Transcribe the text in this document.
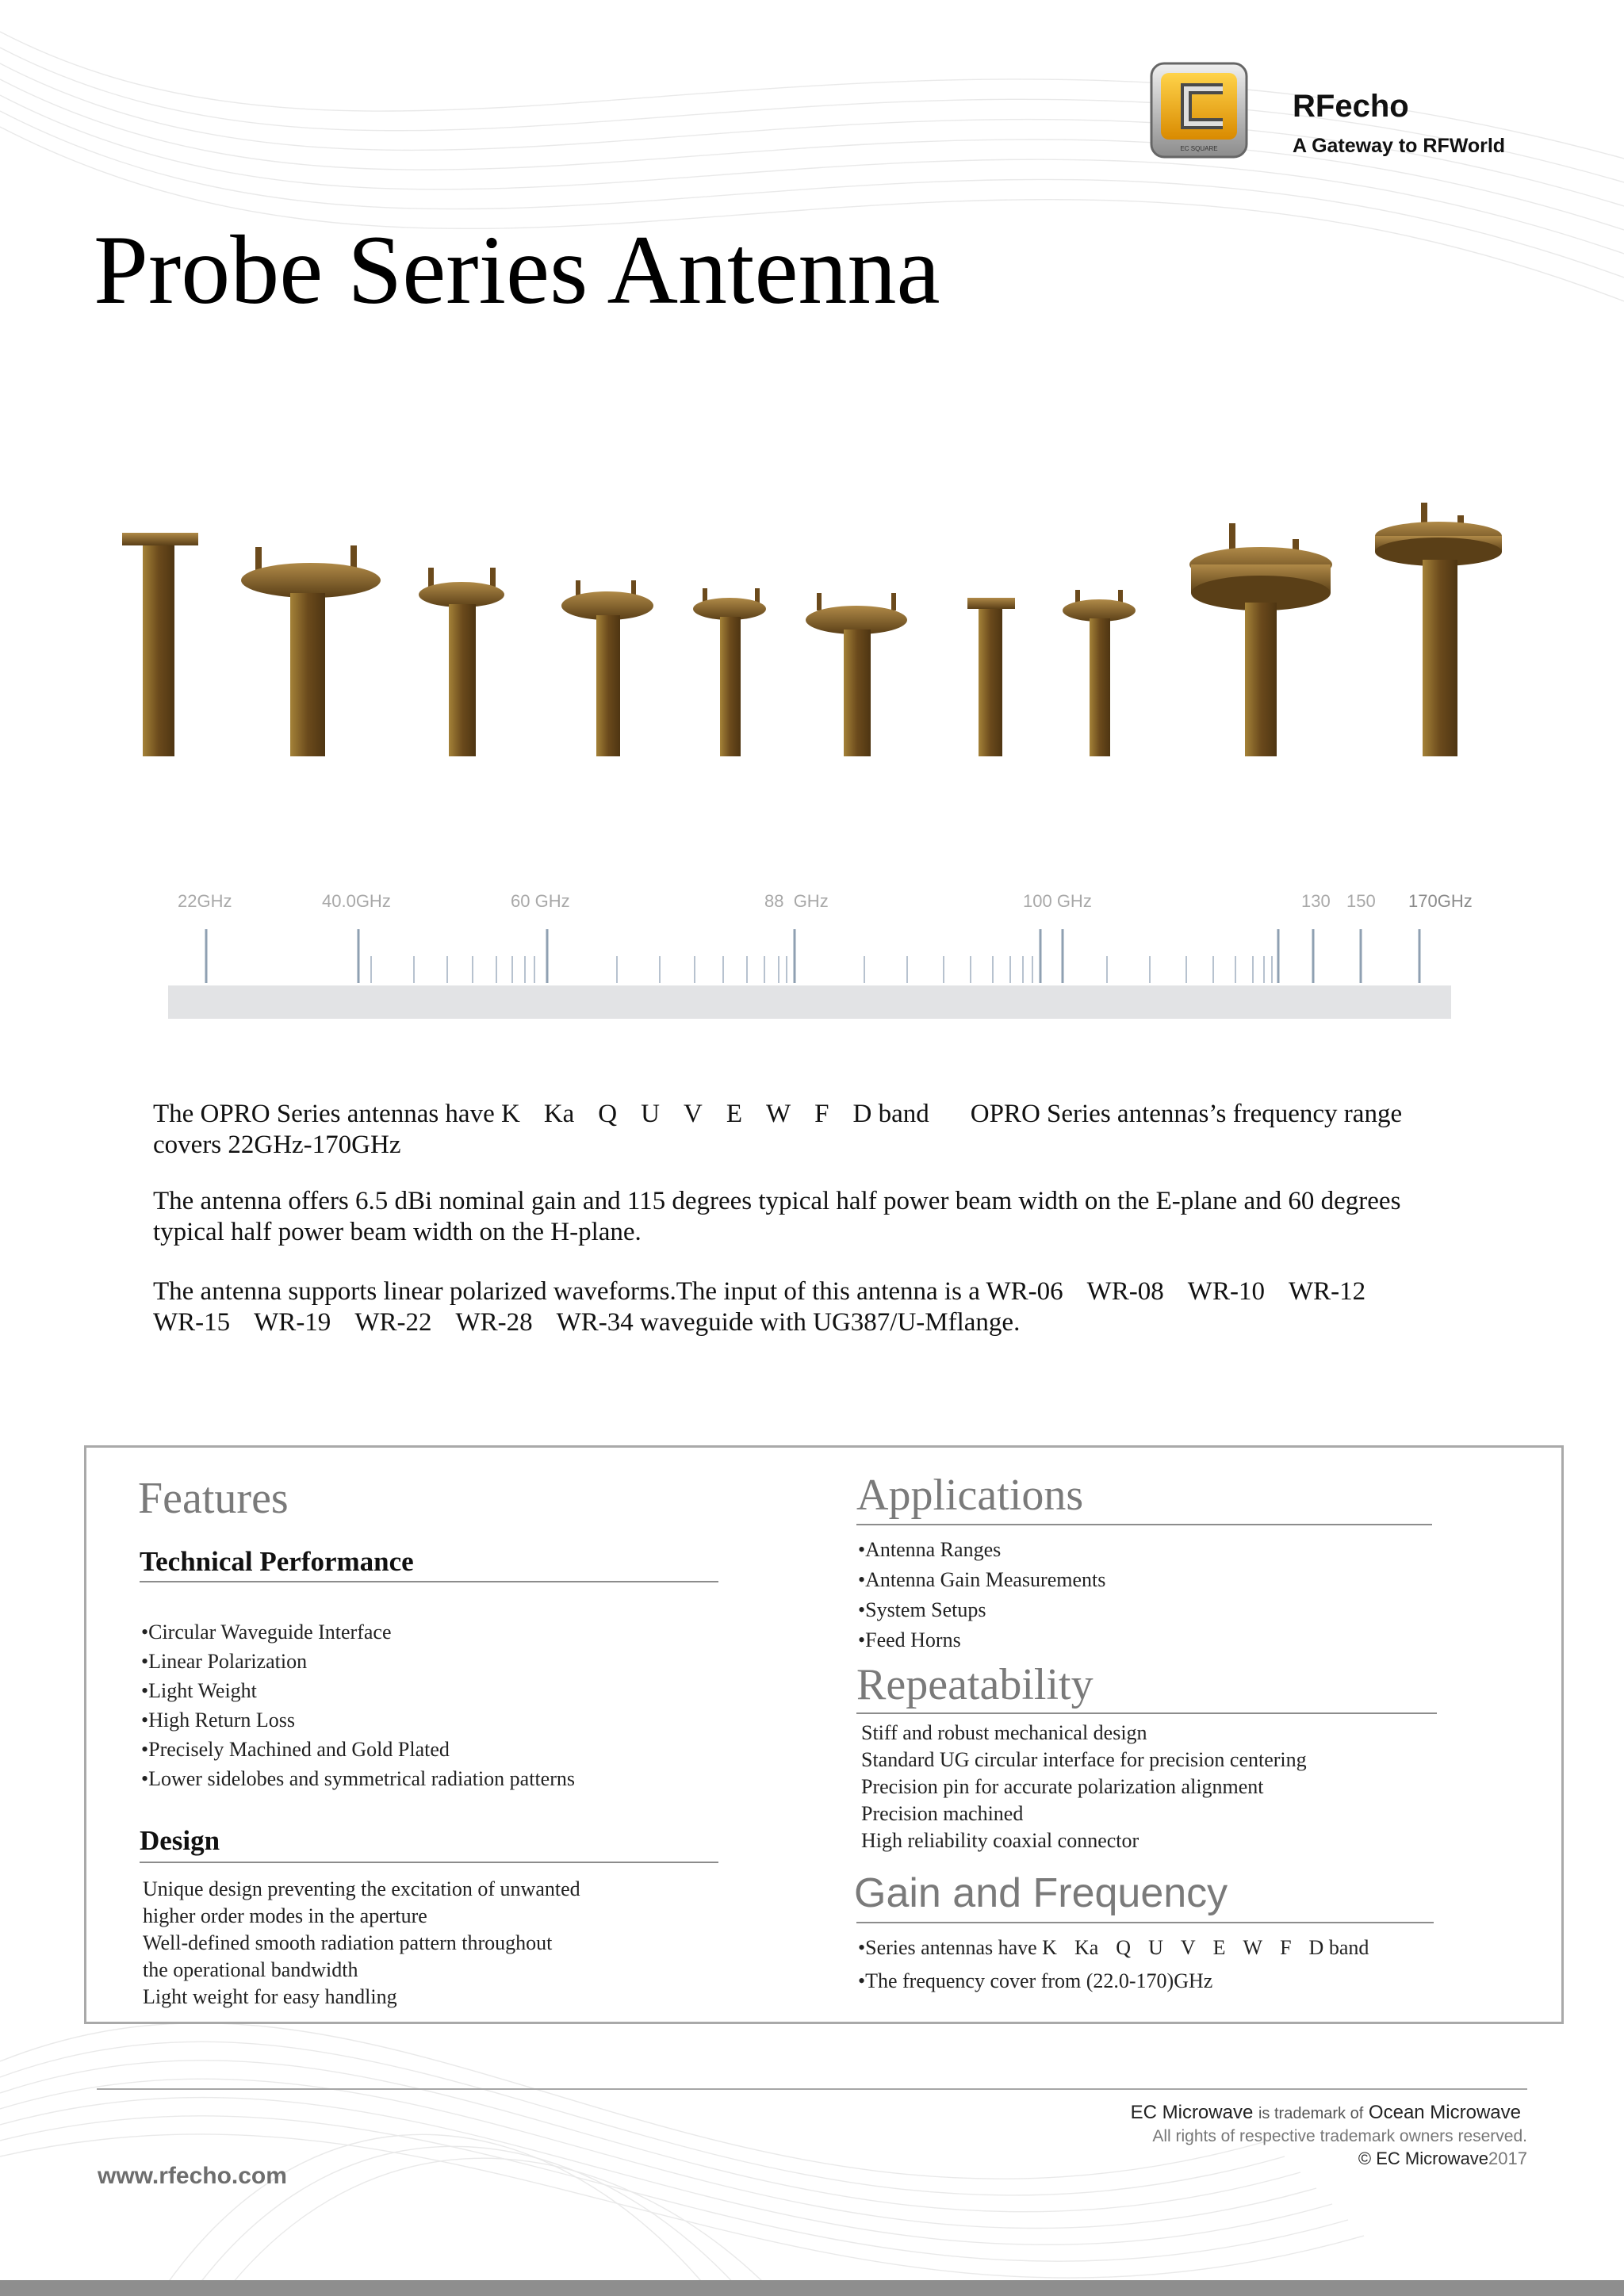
EC SQUARE
RFecho
A Gateway to RFWorld
Probe Series Antenna
22GHz	40.0GHz	60 GHz	88  GHz	100 GHz	130 150 170GHz
The OPRO Series antennas have K Ka Q U V E W F D band OPRO Series antennas’s frequency range
covers 22GHz-170GHz
The antenna offers 6.5 dBi nominal gain and 115 degrees typical half power beam width on the E-plane and 60 degrees
typical half power beam width on the H-plane.
The antenna supports linear polarized waveforms.The input of this antenna is a WR-06 WR-08 WR-10 WR-12
WR-15 WR-19 WR-22 WR-28 WR-34 waveguide with UG387/U-Mflange.
Features
Technical Performance
•Circular Waveguide Interface
•Linear Polarization
•Light Weight
•High Return Loss
•Precisely Machined and Gold Plated
•Lower sidelobes and symmetrical radiation patterns
Design
Unique design preventing the excitation of unwanted
higher order modes in the aperture
Well-defined smooth radiation pattern throughout
the operational bandwidth
Light weight for easy handling
Applications
•Antenna Ranges
•Antenna Gain Measurements
•System Setups
•Feed Horns
Repeatability
Stiff and robust mechanical design
Standard UG circular interface for precision centering
Precision pin for accurate polarization alignment
Precision machined
High reliability coaxial connector
Gain and Frequency
•Series antennas have K Ka Q U V E W F D band
•The frequency cover from (22.0-170)GHz
EC Microwave is trademark of Ocean Microwave
All rights of respective trademark owners reserved.
© EC Microwave2017
www.rfecho.com
